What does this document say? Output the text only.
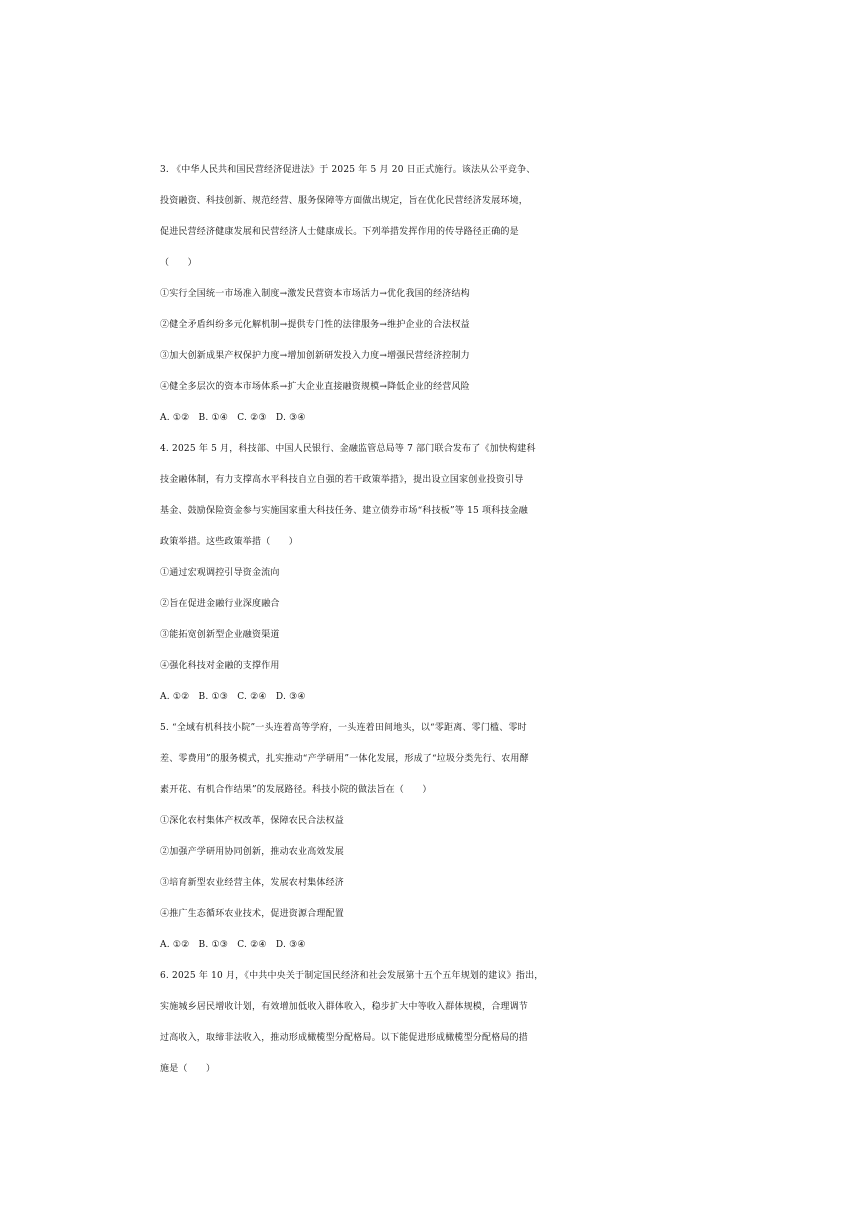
3. 《中华人民共和国民营经济促进法》于 2025 年 5 月 20 日正式施行。该法从公平竞争、
投资融资、科技创新、规范经营、服务保障等方面做出规定，旨在优化民营经济发展环境，
促进民营经济健康发展和民营经济人士健康成长。下列举措发挥作用的传导路径正确的是
（　　）
①实行全国统一市场准入制度→激发民营资本市场活力→优化我国的经济结构
②健全矛盾纠纷多元化解机制→提供专门性的法律服务→维护企业的合法权益
③加大创新成果产权保护力度→增加创新研发投入力度→增强民营经济控制力
④健全多层次的资本市场体系→扩大企业直接融资规模→降低企业的经营风险
A. ①②　B. ①④　C. ②③　D. ③④
4. 2025 年 5 月，科技部、中国人民银行、金融监管总局等 7 部门联合发布了《加快构建科
技金融体制，有力支撑高水平科技自立自强的若干政策举措》，提出设立国家创业投资引导
基金、鼓励保险资金参与实施国家重大科技任务、建立债券市场“科技板”等 15 项科技金融
政策举措。这些政策举措（　　）
①通过宏观调控引导资金流向
②旨在促进金融行业深度融合
③能拓宽创新型企业融资渠道
④强化科技对金融的支撑作用
A. ①②　B. ①③　C. ②④　D. ③④
5. “全域有机科技小院”一头连着高等学府，一头连着田间地头，以“零距离、零门槛、零时
差、零费用”的服务模式，扎实推动“产学研用”一体化发展，形成了“垃圾分类先行、农用酵
素开花、有机合作结果”的发展路径。科技小院的做法旨在（　　）
①深化农村集体产权改革，保障农民合法权益
②加强产学研用协同创新，推动农业高效发展
③培育新型农业经营主体，发展农村集体经济
④推广生态循环农业技术，促进资源合理配置
A. ①②　B. ①③　C. ②④　D. ③④
6. 2025 年 10 月，《中共中央关于制定国民经济和社会发展第十五个五年规划的建议》指出，
实施城乡居民增收计划，有效增加低收入群体收入，稳步扩大中等收入群体规模，合理调节
过高收入，取缔非法收入，推动形成橄榄型分配格局。以下能促进形成橄榄型分配格局的措
施是（　　）
